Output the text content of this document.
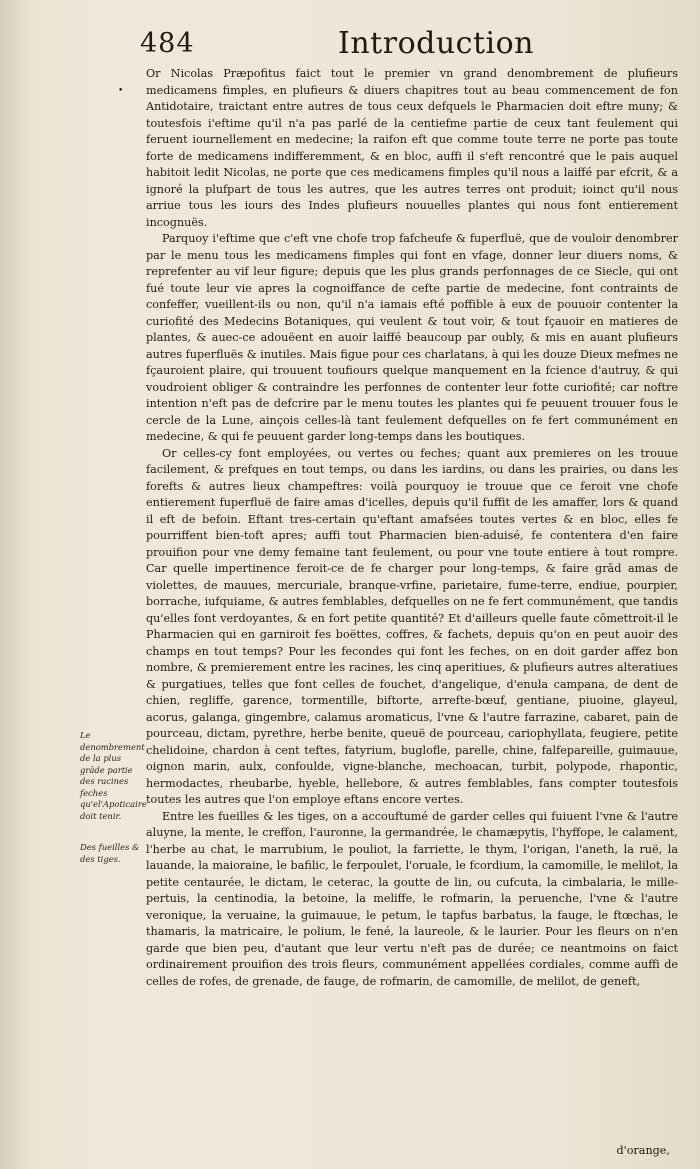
484	Introduction
•

Or Nicolas Præpofitus faict tout le premier vn grand denombrement de plufieurs medicamens fimples, en plufieurs & diuers chapitres tout au beau commencement de fon Antidotaire, traictant entre autres de tous ceux defquels le Pharmacien doit eftre muny; & toutesfois i'eftime qu'il n'a pas parlé de la centiefme partie de ceux tant feulement qui feruent iournellement en medecine; la raifon eft que comme toute terre ne porte pas toute forte de medicamens indifferemment, & en bloc, auffi il s'eft rencontré que le pais auquel habitoit ledit Nicolas, ne porte que ces medicamens fimples qu'il nous a laiffé par efcrit, & a ignoré la plufpart de tous les autres, que les autres terres ont produit; ioinct qu'il nous arriue tous les iours des Indes plufieurs nouuelles plantes qui nous font entierement incognuës.

Parquoy i'eftime que c'eft vne chofe trop fafcheufe & fuperfluë, que de vouloir denombrer par le menu tous les medicamens fimples qui font en vfage, donner leur diuers noms, & reprefenter au vif leur figure; depuis que les plus grands perfonnages de ce Siecle, qui ont fué toute leur vie apres la cognoiffance de cefte partie de medecine, font contraints de confeffer, vueillent-ils ou non, qu'il n'a iamais efté poffible à eux de pouuoir contenter la curiofité des Medecins Botaniques, qui veulent & tout voir, & tout fçauoir en matieres de plantes, & auec-ce adouëent en auoir laiffé beaucoup par oubly, & mis en auant plufieurs autres fuperfluës & inutiles. Mais figue pour ces charlatans, à qui les douze Dieux mefmes ne fçauroient plaire, qui trouuent toufiours quelque manquement en la fcience d'autruy, & qui voudroient obliger & contraindre les perfonnes de contenter leur fotte curiofité; car noftre intention n'eft pas de defcrire par le menu toutes les plantes qui fe peuuent trouuer fous le cercle de la Lune, ainçois celles-là tant feulement defquelles on fe fert communément en medecine, & qui fe peuuent garder long-temps dans les boutiques.

Or celles-cy font employées, ou vertes ou feches; quant aux premieres on les trouue facilement, & prefques en tout temps, ou dans les iardins, ou dans les prairies, ou dans les forefts & autres lieux champeftres: voilà pourquoy ie trouue que ce feroit vne chofe entierement fuperfluë de faire amas d'icelles, depuis qu'il fuffit de les amaffer, lors & quand il eft de befoin. Eftant tres-certain qu'eftant amafsées toutes vertes & en bloc, elles fe pourriffent bien-toft apres; auffi tout Pharmacien bien-aduisé, fe contentera d'en faire prouifion pour vne demy femaine tant feulement, ou pour vne toute entiere à tout rompre. Car quelle impertinence feroit-ce de fe charger pour long-temps, & faire grād amas de violettes, de mauues, mercuriale, branque-vrfine, parietaire, fume-terre, endiue, pourpier, borrache, iufquiame, & autres femblables, defquelles on ne fe fert communément, que tandis qu'elles font verdoyantes, & en fort petite quantité? Et d'ailleurs quelle faute cōmettroit-il le Pharmacien qui en garniroit fes boëttes, coffres, & fachets, depuis qu'on en peut auoir des champs en tout temps? Pour les fecondes qui font les feches, on en doit garder affez bon nombre, & premierement entre les racines, les cinq aperitiues, & plufieurs autres alteratiues & purgatiues, telles que font celles de fouchet, d'angelique, d'enula campana, de dent de chien, regliffe, garence, tormentille, biftorte, arrefte-bœuf, gentiane, piuoine, glayeul, acorus, galanga, gingembre, calamus aromaticus, l'vne & l'autre farrazine, cabaret, pain de pourceau, dictam, pyrethre, herbe benite, queuë de pourceau, cariophyllata, feugiere, petite chelidoine, chardon à cent teftes, fatyrium, buglofle, parelle, chine, falfepareille, guimauue, oignon marin, aulx, confoulde, vigne-blanche, mechoacan, turbit, polypode, rhapontic, hermodactes, rheubarbe, hyeble, hellebore, & autres femblables, fans compter toutesfois toutes les autres que l'on employe eftans encore vertes.

Entre les fueilles & les tiges, on a accouftumé de garder celles qui fuiuent l'vne & l'autre aluyne, la mente, le creffon, l'auronne, la germandrée, le chamæpytis, l'hyffope, le calament, l'herbe au chat, le marrubium, le pouliot, la farriette, le thym, l'origan, l'aneth, la ruë, la lauande, la maioraine, le bafilic, le ferpoulet, l'oruale, le fcordium, la camomille, le melilot, la petite centaurée, le dictam, le ceterac, la goutte de lin, ou cufcuta, la cimbalaria, le mille-pertuis, la centinodia, la betoine, la meliffe, le rofmarin, la peruenche, l'vne & l'autre veronique, la veruaine, la guimauue, le petum, le tapfus barbatus, la fauge, le ftœchas, le thamaris, la matricaire, le polium, le fené, la laureole, & le laurier. Pour les fleurs on n'en garde que bien peu, d'autant que leur vertu n'eft pas de durée; ce neantmoins on faict ordinairement prouifion des trois fleurs, communément appellées cordiales, comme auffi de celles de rofes, de grenade, de fauge, de rofmarin, de camomille, de melilot, de geneft,

Le denombrement de la plus grāde partie des racines feches qu'el'Apoticaire doit tenir.
Des fueilles & des tiges.
d'orange,
